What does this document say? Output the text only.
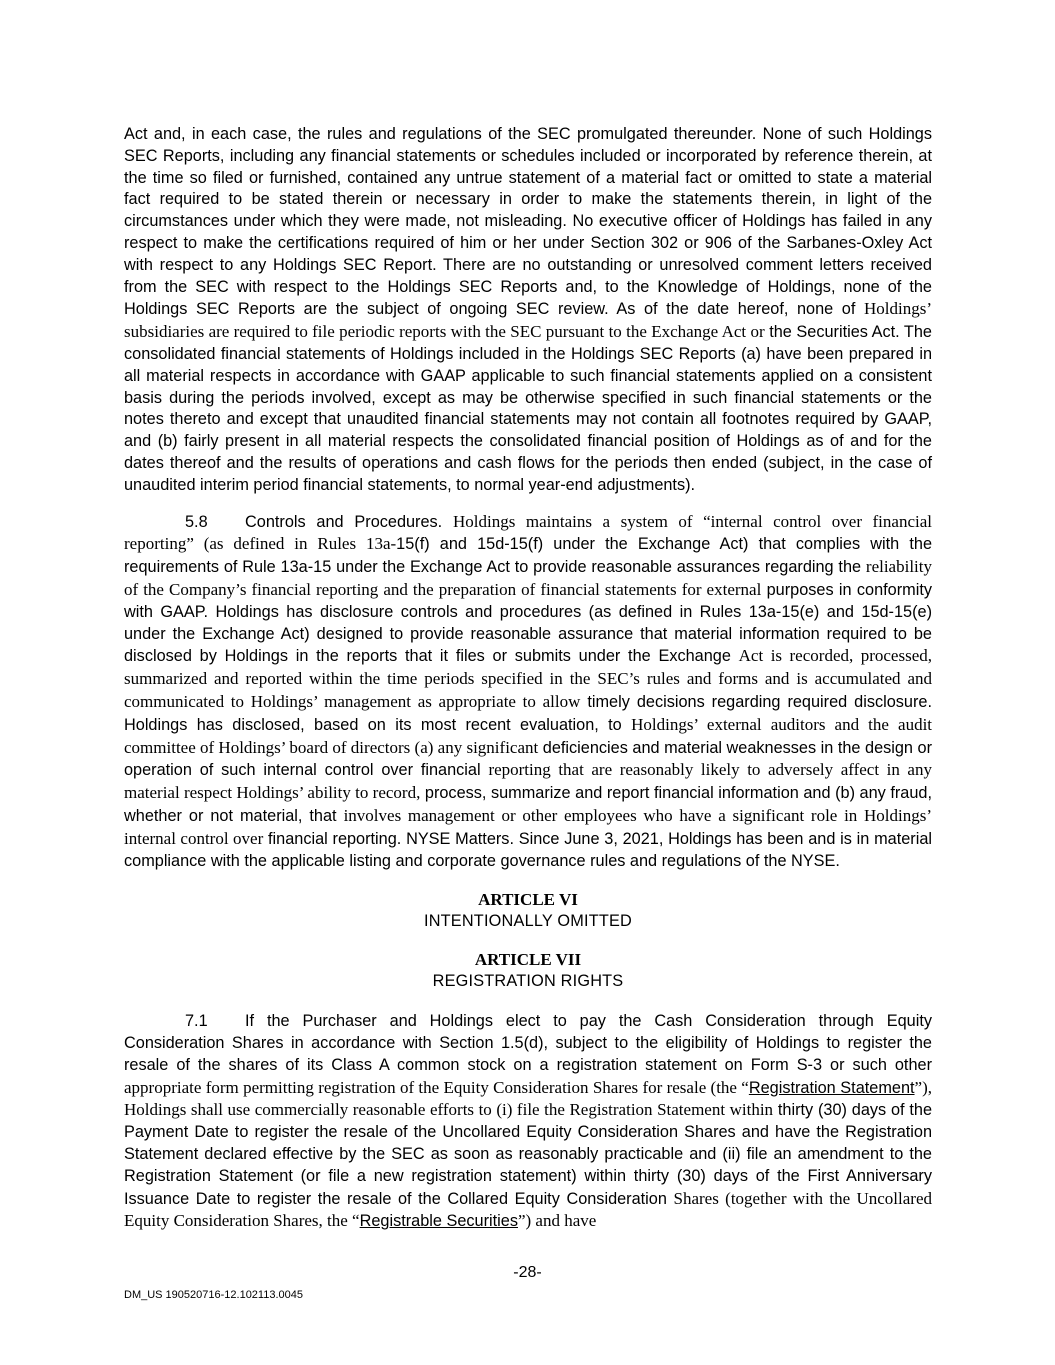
Act and, in each case, the rules and regulations of the SEC promulgated thereunder. None of such Holdings SEC Reports, including any financial statements or schedules included or incorporated by reference therein, at the time so filed or furnished, contained any untrue statement of a material fact or omitted to state a material fact required to be stated therein or necessary in order to make the statements therein, in light of the circumstances under which they were made, not misleading. No executive officer of Holdings has failed in any respect to make the certifications required of him or her under Section 302 or 906 of the Sarbanes-Oxley Act with respect to any Holdings SEC Report. There are no outstanding or unresolved comment letters received from the SEC with respect to the Holdings SEC Reports and, to the Knowledge of Holdings, none of the Holdings SEC Reports are the subject of ongoing SEC review. As of the date hereof, none of Holdings’ subsidiaries are required to file periodic reports with the SEC pursuant to the Exchange Act or the Securities Act. The consolidated financial statements of Holdings included in the Holdings SEC Reports (a) have been prepared in all material respects in accordance with GAAP applicable to such financial statements applied on a consistent basis during the periods involved, except as may be otherwise specified in such financial statements or the notes thereto and except that unaudited financial statements may not contain all footnotes required by GAAP, and (b) fairly present in all material respects the consolidated financial position of Holdings as of and for the dates thereof and the results of operations and cash flows for the periods then ended (subject, in the case of unaudited interim period financial statements, to normal year-end adjustments).

5.8 Controls and Procedures. Holdings maintains a system of “internal control over financial reporting” (as defined in Rules 13a-15(f) and 15d-15(f) under the Exchange Act) that complies with the requirements of Rule 13a-15 under the Exchange Act to provide reasonable assurances regarding the reliability of the Company’s financial reporting and the preparation of financial statements for external purposes in conformity with GAAP. Holdings has disclosure controls and procedures (as defined in Rules 13a-15(e) and 15d-15(e) under the Exchange Act) designed to provide reasonable assurance that material information required to be disclosed by Holdings in the reports that it files or submits under the Exchange Act is recorded, processed, summarized and reported within the time periods specified in the SEC’s rules and forms and is accumulated and communicated to Holdings’ management as appropriate to allow timely decisions regarding required disclosure. Holdings has disclosed, based on its most recent evaluation, to Holdings’ external auditors and the audit committee of Holdings’ board of directors (a) any significant deficiencies and material weaknesses in the design or operation of such internal control over financial reporting that are reasonably likely to adversely affect in any material respect Holdings’ ability to record, process, summarize and report financial information and (b) any fraud, whether or not material, that involves management or other employees who have a significant role in Holdings’ internal control over financial reporting. NYSE Matters. Since June 3, 2021, Holdings has been and is in material compliance with the applicable listing and corporate governance rules and regulations of the NYSE.

ARTICLE VI
INTENTIONALLY OMITTED
ARTICLE VII
REGISTRATION RIGHTS

7.1 If the Purchaser and Holdings elect to pay the Cash Consideration through Equity Consideration Shares in accordance with Section 1.5(d), subject to the eligibility of Holdings to register the resale of the shares of its Class A common stock on a registration statement on Form S-3 or such other appropriate form permitting registration of the Equity Consideration Shares for resale (the “Registration Statement”), Holdings shall use commercially reasonable efforts to (i) file the Registration Statement within thirty (30) days of the Payment Date to register the resale of the Uncollared Equity Consideration Shares and have the Registration Statement declared effective by the SEC as soon as reasonably practicable and (ii) file an amendment to the Registration Statement (or file a new registration statement) within thirty (30) days of the First Anniversary Issuance Date to register the resale of the Collared Equity Consideration Shares (together with the Uncollared Equity Consideration Shares, the “Registrable Securities”) and have

-28-
DM_US 190520716-12.102113.0045
